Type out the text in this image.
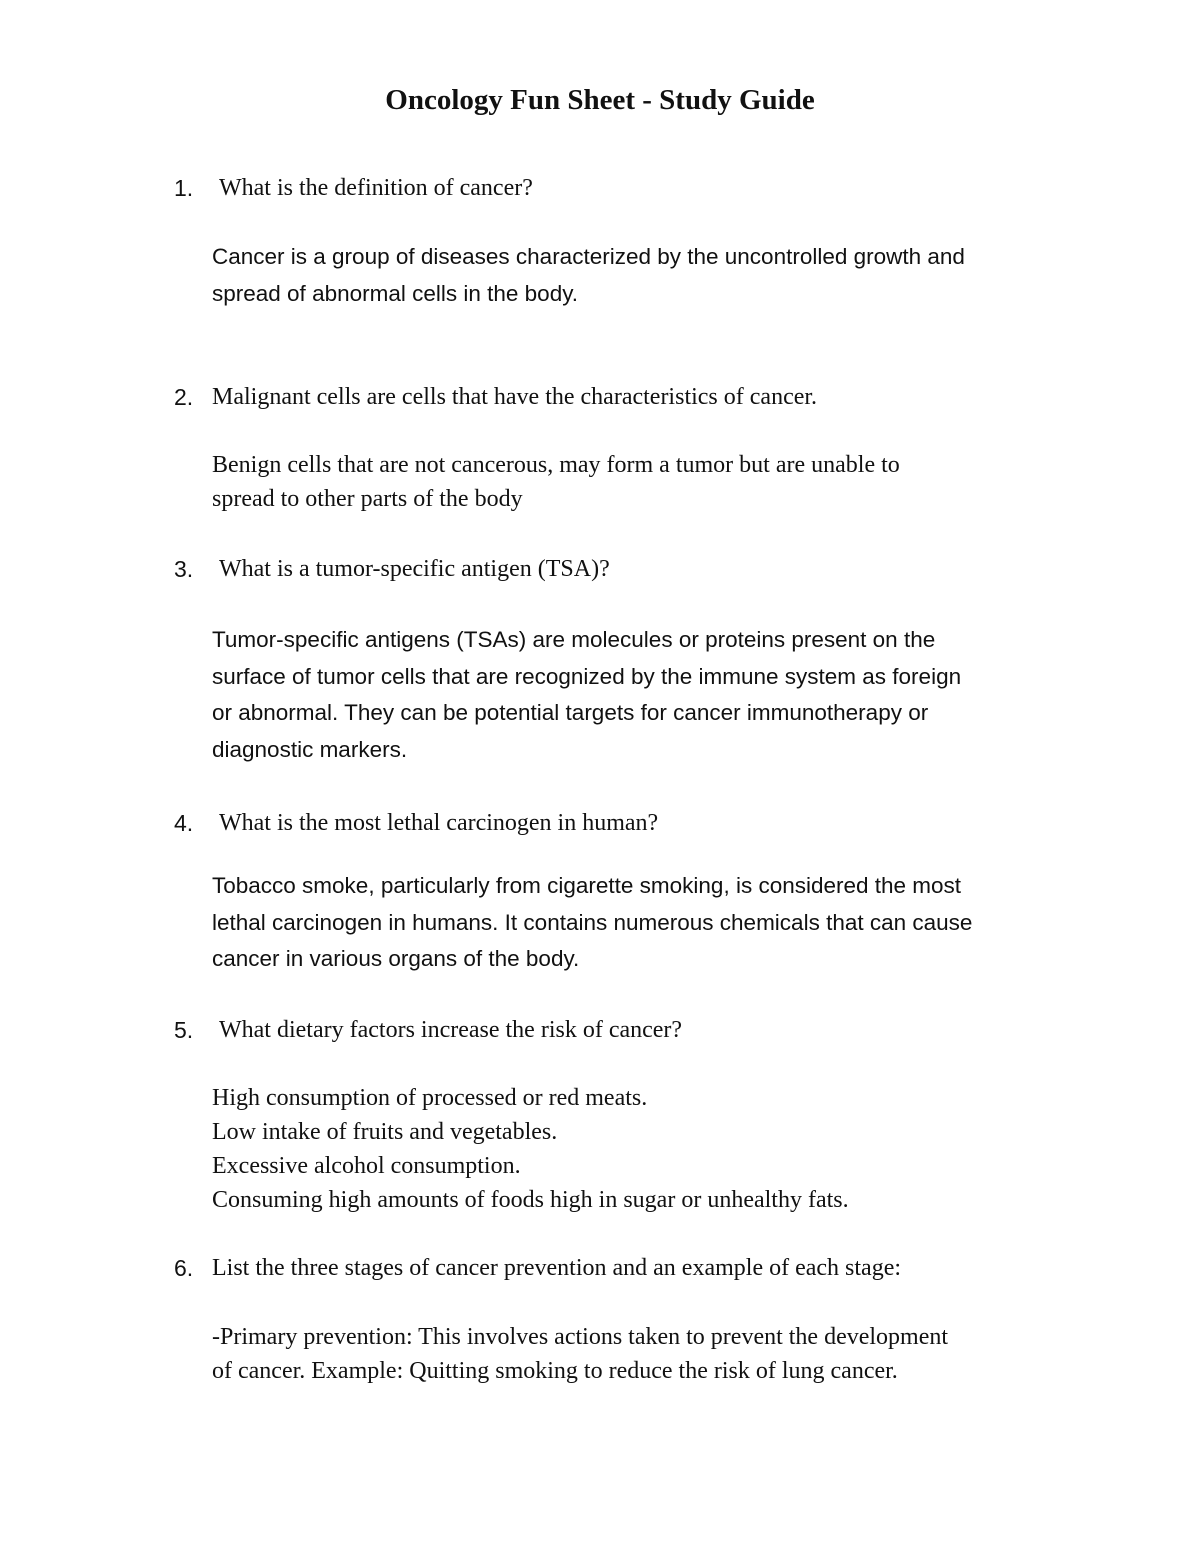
Oncology Fun Sheet - Study Guide
1. What is the definition of cancer?
Cancer is a group of diseases characterized by the uncontrolled growth and
spread of abnormal cells in the body.
2. Malignant cells are cells that have the characteristics of cancer.
Benign cells that are not cancerous, may form a tumor but are unable to
spread to other parts of the body
3. What is a tumor-specific antigen (TSA)?
Tumor-specific antigens (TSAs) are molecules or proteins present on the
surface of tumor cells that are recognized by the immune system as foreign
or abnormal. They can be potential targets for cancer immunotherapy or
diagnostic markers.
4. What is the most lethal carcinogen in human?
Tobacco smoke, particularly from cigarette smoking, is considered the most
lethal carcinogen in humans. It contains numerous chemicals that can cause
cancer in various organs of the body.
5. What dietary factors increase the risk of cancer?
High consumption of processed or red meats.
Low intake of fruits and vegetables.
Excessive alcohol consumption.
Consuming high amounts of foods high in sugar or unhealthy fats.
6. List the three stages of cancer prevention and an example of each stage:
-Primary prevention: This involves actions taken to prevent the development
of cancer. Example: Quitting smoking to reduce the risk of lung cancer.
